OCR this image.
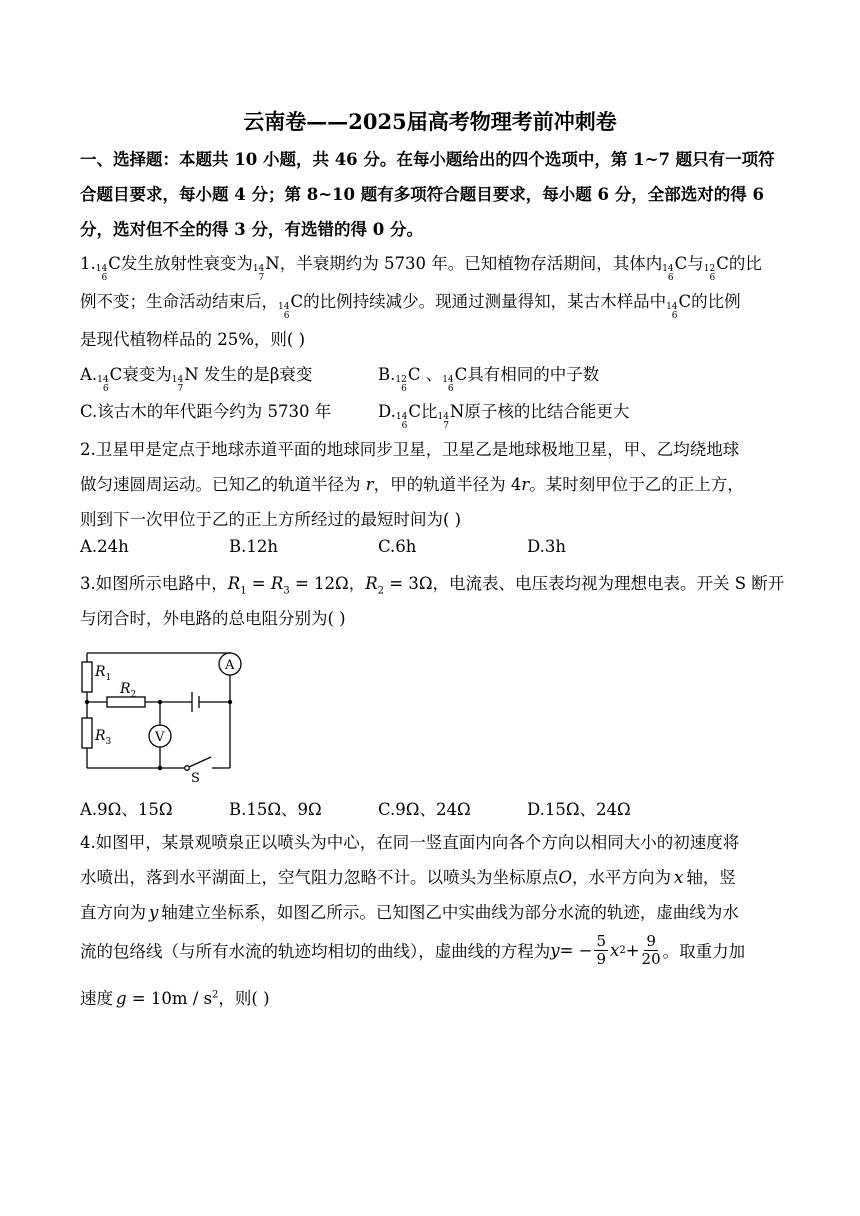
云南卷——2025届高考物理考前冲刺卷
一、选择题：本题共 10 小题，共 46 分。在每小题给出的四个选项中，第 1~7 题只有一项符
合题目要求，每小题 4 分；第 8~10 题有多项符合题目要求，每小题 6 分，全部选对的得 6
分，选对但不全的得 3 分，有选错的得 0 分。
1. 14
6
C发生放射性衰变为 14
7
N，半衰期约为 5730 年。已知植物存活期间，其体内 14
6
C与 12
6
C的比
例不变；生命活动结束后， 14
6
C的比例持续减少。现通过测量得知，某古木样品中 14
6
C的比例
是现代植物样品的 25%，则( )
A. 14
6
C衰变为 14
7
N 发生的是β衰变	B. 12
6
C 、 14
6
C具有相同的中子数
C.该古木的年代距今约为 5730 年	D. 14
6
C比 14
7
N原子核的比结合能更大
2.卫星甲是定点于地球赤道平面的地球同步卫星，卫星乙是地球极地卫星，甲、乙均绕地球
做匀速圆周运动。已知乙的轨道半径为 r，甲的轨道半径为 4r。某时刻甲位于乙的正上方，
则到下一次甲位于乙的正上方所经过的最短时间为( )
A.24h	B.12h	C.6h	D.3h
3.如图所示电路中，$R_1 = R_3 = 12\Omega$，$R_2 = 3\Omega$，电流表、电压表均视为理想电表。开关 S 断开
与闭合时，外电路的总电阻分别为( )
$R_1$
$R_2$
$R_3$
A
V
S
A.9Ω、15Ω	B.15Ω、9Ω	C.9Ω、24Ω	D.15Ω、24Ω
4.如图甲，某景观喷泉正以喷头为中心，在同一竖直面内向各个方向以相同大小的初速度将
水喷出，落到水平湖面上，空气阻力忽略不计。以喷头为坐标原点O，水平方向为 x 轴，竖
直方向为 y 轴建立坐标系，如图乙所示。已知图乙中实曲线为部分水流的轨迹，虚曲线为水
流的包络线（与所有水流的轨迹均相切的曲线），虚曲线的方程为 y = − $\frac{5}{9}$ x $2 + \frac{9}{20}$ 。取重力加
速度 $g = 10m / s^2$，则( )
